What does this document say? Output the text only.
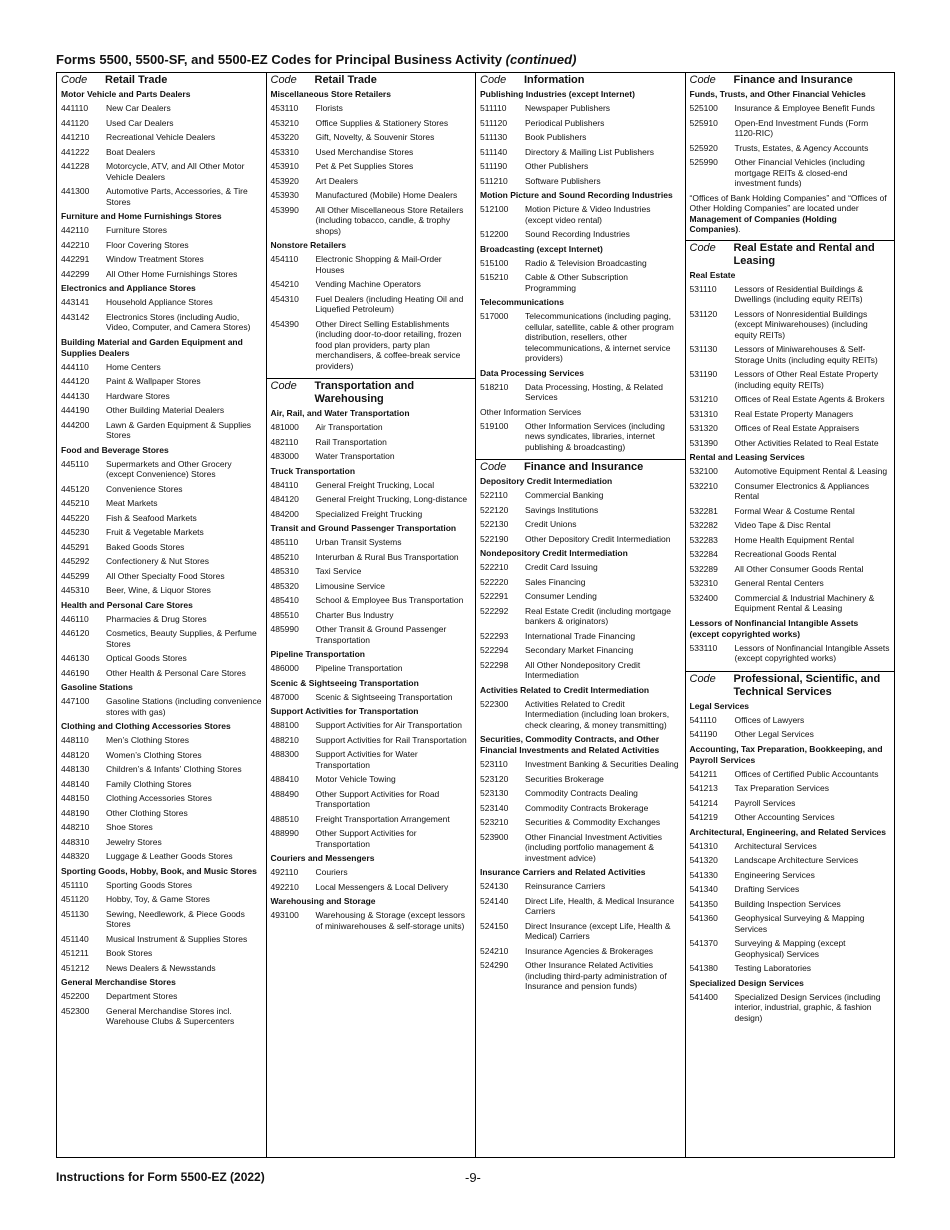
Forms 5500, 5500-SF, and 5500-EZ Codes for Principal Business Activity (continued)
Code	Retail Trade
Motor Vehicle and Parts Dealers
441110	New Car Dealers
441120	Used Car Dealers
441210	Recreational Vehicle Dealers
441222	Boat Dealers
441228	Motorcycle, ATV, and All Other Motor Vehicle Dealers
441300	Automotive Parts, Accessories, & Tire Stores
Furniture and Home Furnishings Stores
442110	Furniture Stores
442210	Floor Covering Stores
442291	Window Treatment Stores
442299	All Other Home Furnishings Stores
Electronics and Appliance Stores
443141	Household Appliance Stores
443142	Electronics Stores (including Audio, Video, Computer, and Camera Stores)
Building Material and Garden Equipment and Supplies Dealers
444110	Home Centers
444120	Paint & Wallpaper Stores
444130	Hardware Stores
444190	Other Building Material Dealers
444200	Lawn & Garden Equipment & Supplies Stores
Food and Beverage Stores
445110	Supermarkets and Other Grocery (except Convenience) Stores
445120	Convenience Stores
445210	Meat Markets
445220	Fish & Seafood Markets
445230	Fruit & Vegetable Markets
445291	Baked Goods Stores
445292	Confectionery & Nut Stores
445299	All Other Specialty Food Stores
445310	Beer, Wine, & Liquor Stores
Health and Personal Care Stores
446110	Pharmacies & Drug Stores
446120	Cosmetics, Beauty Supplies, & Perfume Stores
446130	Optical Goods Stores
446190	Other Health & Personal Care Stores
Gasoline Stations
447100	Gasoline Stations (including convenience stores with gas)
Clothing and Clothing Accessories Stores
448110	Men’s Clothing Stores
448120	Women’s Clothing Stores
448130	Children’s & Infants’ Clothing Stores
448140	Family Clothing Stores
448150	Clothing Accessories Stores
448190	Other Clothing Stores
448210	Shoe Stores
448310	Jewelry Stores
448320	Luggage & Leather Goods Stores
Sporting Goods, Hobby, Book, and Music Stores
451110	Sporting Goods Stores
451120	Hobby, Toy, & Game Stores
451130	Sewing, Needlework, & Piece Goods Stores
451140	Musical Instrument & Supplies Stores
451211	Book Stores
451212	News Dealers & Newsstands
General Merchandise Stores
452200	Department Stores
452300	General Merchandise Stores incl. Warehouse Clubs & Supercenters
Code	Retail Trade
Miscellaneous Store Retailers
453110	Florists
453210	Office Supplies & Stationery Stores
453220	Gift, Novelty, & Souvenir Stores
453310	Used Merchandise Stores
453910	Pet & Pet Supplies Stores
453920	Art Dealers
453930	Manufactured (Mobile) Home Dealers
453990	All Other Miscellaneous Store Retailers (including tobacco, candle, & trophy shops)
Nonstore Retailers
454110	Electronic Shopping & Mail-Order Houses
454210	Vending Machine Operators
454310	Fuel Dealers (including Heating Oil and Liquefied Petroleum)
454390	Other Direct Selling Establishments (including door-to-door retailing, frozen food plan providers, party plan merchandisers, & coffee-break service providers)
Code	Transportation and Warehousing
Air, Rail, and Water Transportation
481000	Air Transportation
482110	Rail Transportation
483000	Water Transportation
Truck Transportation
484110	General Freight Trucking, Local
484120	General Freight Trucking, Long-distance
484200	Specialized Freight Trucking
Transit and Ground Passenger Transportation
485110	Urban Transit Systems
485210	Interurban & Rural Bus Transportation
485310	Taxi Service
485320	Limousine Service
485410	School & Employee Bus Transportation
485510	Charter Bus Industry
485990	Other Transit & Ground Passenger Transportation
Pipeline Transportation
486000	Pipeline Transportation
Scenic & Sightseeing Transportation
487000	Scenic & Sightseeing Transportation
Support Activities for Transportation
488100	Support Activities for Air Transportation
488210	Support Activities for Rail Transportation
488300	Support Activities for Water Transportation
488410	Motor Vehicle Towing
488490	Other Support Activities for Road Transportation
488510	Freight Transportation Arrangement
488990	Other Support Activities for Transportation
Couriers and Messengers
492110	Couriers
492210	Local Messengers & Local Delivery
Warehousing and Storage
493100	Warehousing & Storage (except lessors of miniwarehouses & self-storage units)
Code	Information
Publishing Industries (except Internet)
511110	Newspaper Publishers
511120	Periodical Publishers
511130	Book Publishers
511140	Directory & Mailing List Publishers
511190	Other Publishers
511210	Software Publishers
Motion Picture and Sound Recording Industries
512100	Motion Picture & Video Industries (except video rental)
512200	Sound Recording Industries
Broadcasting (except Internet)
515100	Radio & Television Broadcasting
515210	Cable & Other Subscription Programming
Telecommunications
517000	Telecommunications (including paging, cellular, satellite, cable & other program distribution, resellers, other telecommunications, & internet service providers)
Data Processing Services
518210	Data Processing, Hosting, & Related Services
Other Information Services
519100	Other Information Services (including news syndicates, libraries, internet publishing & broadcasting)
Code	Finance and Insurance
Depository Credit Intermediation
522110	Commercial Banking
522120	Savings Institutions
522130	Credit Unions
522190	Other Depository Credit Intermediation
Nondepository Credit Intermediation
522210	Credit Card Issuing
522220	Sales Financing
522291	Consumer Lending
522292	Real Estate Credit (including mortgage bankers & originators)
522293	International Trade Financing
522294	Secondary Market Financing
522298	All Other Nondepository Credit Intermediation
Activities Related to Credit Intermediation
522300	Activities Related to Credit Intermediation (including loan brokers, check clearing, & money transmitting)
Securities, Commodity Contracts, and Other Financial Investments and Related Activities
523110	Investment Banking & Securities Dealing
523120	Securities Brokerage
523130	Commodity Contracts Dealing
523140	Commodity Contracts Brokerage
523210	Securities & Commodity Exchanges
523900	Other Financial Investment Activities (including portfolio management & investment advice)
Insurance Carriers and Related Activities
524130	Reinsurance Carriers
524140	Direct Life, Health, & Medical Insurance Carriers
524150	Direct Insurance (except Life, Health & Medical) Carriers
524210	Insurance Agencies & Brokerages
524290	Other Insurance Related Activities (including third-party administration of Insurance and pension funds)
Code	Finance and Insurance
Funds, Trusts, and Other Financial Vehicles
525100	Insurance & Employee Benefit Funds
525910	Open-End Investment Funds (Form 1120-RIC)
525920	Trusts, Estates, & Agency Accounts
525990	Other Financial Vehicles (including mortgage REITs & closed-end investment funds)
“Offices of Bank Holding Companies” and “Offices of Other Holding Companies” are located under Management of Companies (Holding Companies).
Code	Real Estate and Rental and Leasing
Real Estate
531110	Lessors of Residential Buildings & Dwellings (including equity REITs)
531120	Lessors of Nonresidential Buildings (except Miniwarehouses) (including equity REITs)
531130	Lessors of Miniwarehouses & Self-Storage Units (including equity REITs)
531190	Lessors of Other Real Estate Property (including equity REITs)
531210	Offices of Real Estate Agents & Brokers
531310	Real Estate Property Managers
531320	Offices of Real Estate Appraisers
531390	Other Activities Related to Real Estate
Rental and Leasing Services
532100	Automotive Equipment Rental & Leasing
532210	Consumer Electronics & Appliances Rental
532281	Formal Wear & Costume Rental
532282	Video Tape & Disc Rental
532283	Home Health Equipment Rental
532284	Recreational Goods Rental
532289	All Other Consumer Goods Rental
532310	General Rental Centers
532400	Commercial & Industrial Machinery & Equipment Rental & Leasing
Lessors of Nonfinancial Intangible Assets (except copyrighted works)
533110	Lessors of Nonfinancial Intangible Assets (except copyrighted works)
Code	Professional, Scientific, and Technical Services
Legal Services
541110	Offices of Lawyers
541190	Other Legal Services
Accounting, Tax Preparation, Bookkeeping, and Payroll Services
541211	Offices of Certified Public Accountants
541213	Tax Preparation Services
541214	Payroll Services
541219	Other Accounting Services
Architectural, Engineering, and Related Services
541310	Architectural Services
541320	Landscape Architecture Services
541330	Engineering Services
541340	Drafting Services
541350	Building Inspection Services
541360	Geophysical Surveying & Mapping Services
541370	Surveying & Mapping (except Geophysical) Services
541380	Testing Laboratories
Specialized Design Services
541400	Specialized Design Services (including interior, industrial, graphic, & fashion design)
Instructions for Form 5500-EZ (2022)	-9-
